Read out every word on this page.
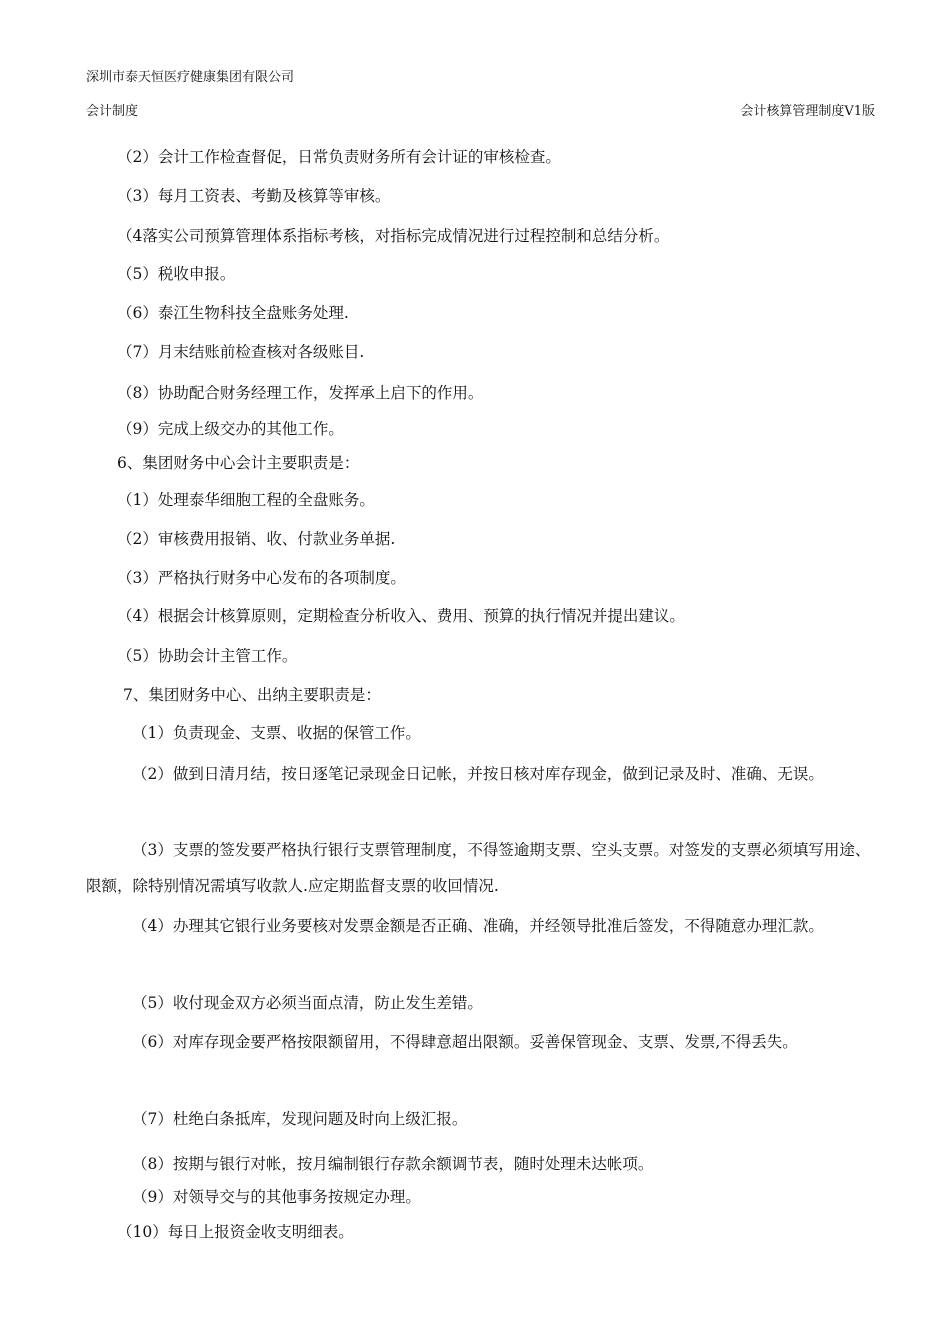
深圳市泰天恒医疗健康集团有限公司
会计制度	会计核算管理制度V1版
（2）会计工作检查督促，日常负责财务所有会计证的审核检查。
（3）每月工资表、考勤及核算等审核。
（4落实公司预算管理体系指标考核，对指标完成情况进行过程控制和总结分析。
（5）税收申报。
（6）泰江生物科技全盘账务处理.
（7）月末结账前检查核对各级账目.
（8）协助配合财务经理工作，发挥承上启下的作用。
（9）完成上级交办的其他工作。
6、集团财务中心会计主要职责是：
（1）处理泰华细胞工程的全盘账务。
（2）审核费用报销、收、付款业务单据.
（3）严格执行财务中心发布的各项制度。
（4）根据会计核算原则，定期检查分析收入、费用、预算的执行情况并提出建议。
（5）协助会计主管工作。
7、集团财务中心、出纳主要职责是：
（1）负责现金、支票、收据的保管工作。
（2）做到日清月结，按日逐笔记录现金日记帐，并按日核对库存现金，做到记录及时、准确、无误。
（3）支票的签发要严格执行银行支票管理制度，不得签逾期支票、空头支票。对签发的支票必须填写用途、限额，除特别情况需填写收款人.应定期监督支票的收回情况.
（4）办理其它银行业务要核对发票金额是否正确、准确，并经领导批准后签发，不得随意办理汇款。
（5）收付现金双方必须当面点清，防止发生差错。
（6）对库存现金要严格按限额留用，不得肆意超出限额。妥善保管现金、支票、发票,不得丢失。
（7）杜绝白条抵库，发现问题及时向上级汇报。
（8）按期与银行对帐，按月编制银行存款余额调节表，随时处理未达帐项。
（9）对领导交与的其他事务按规定办理。
（10）每日上报资金收支明细表。
